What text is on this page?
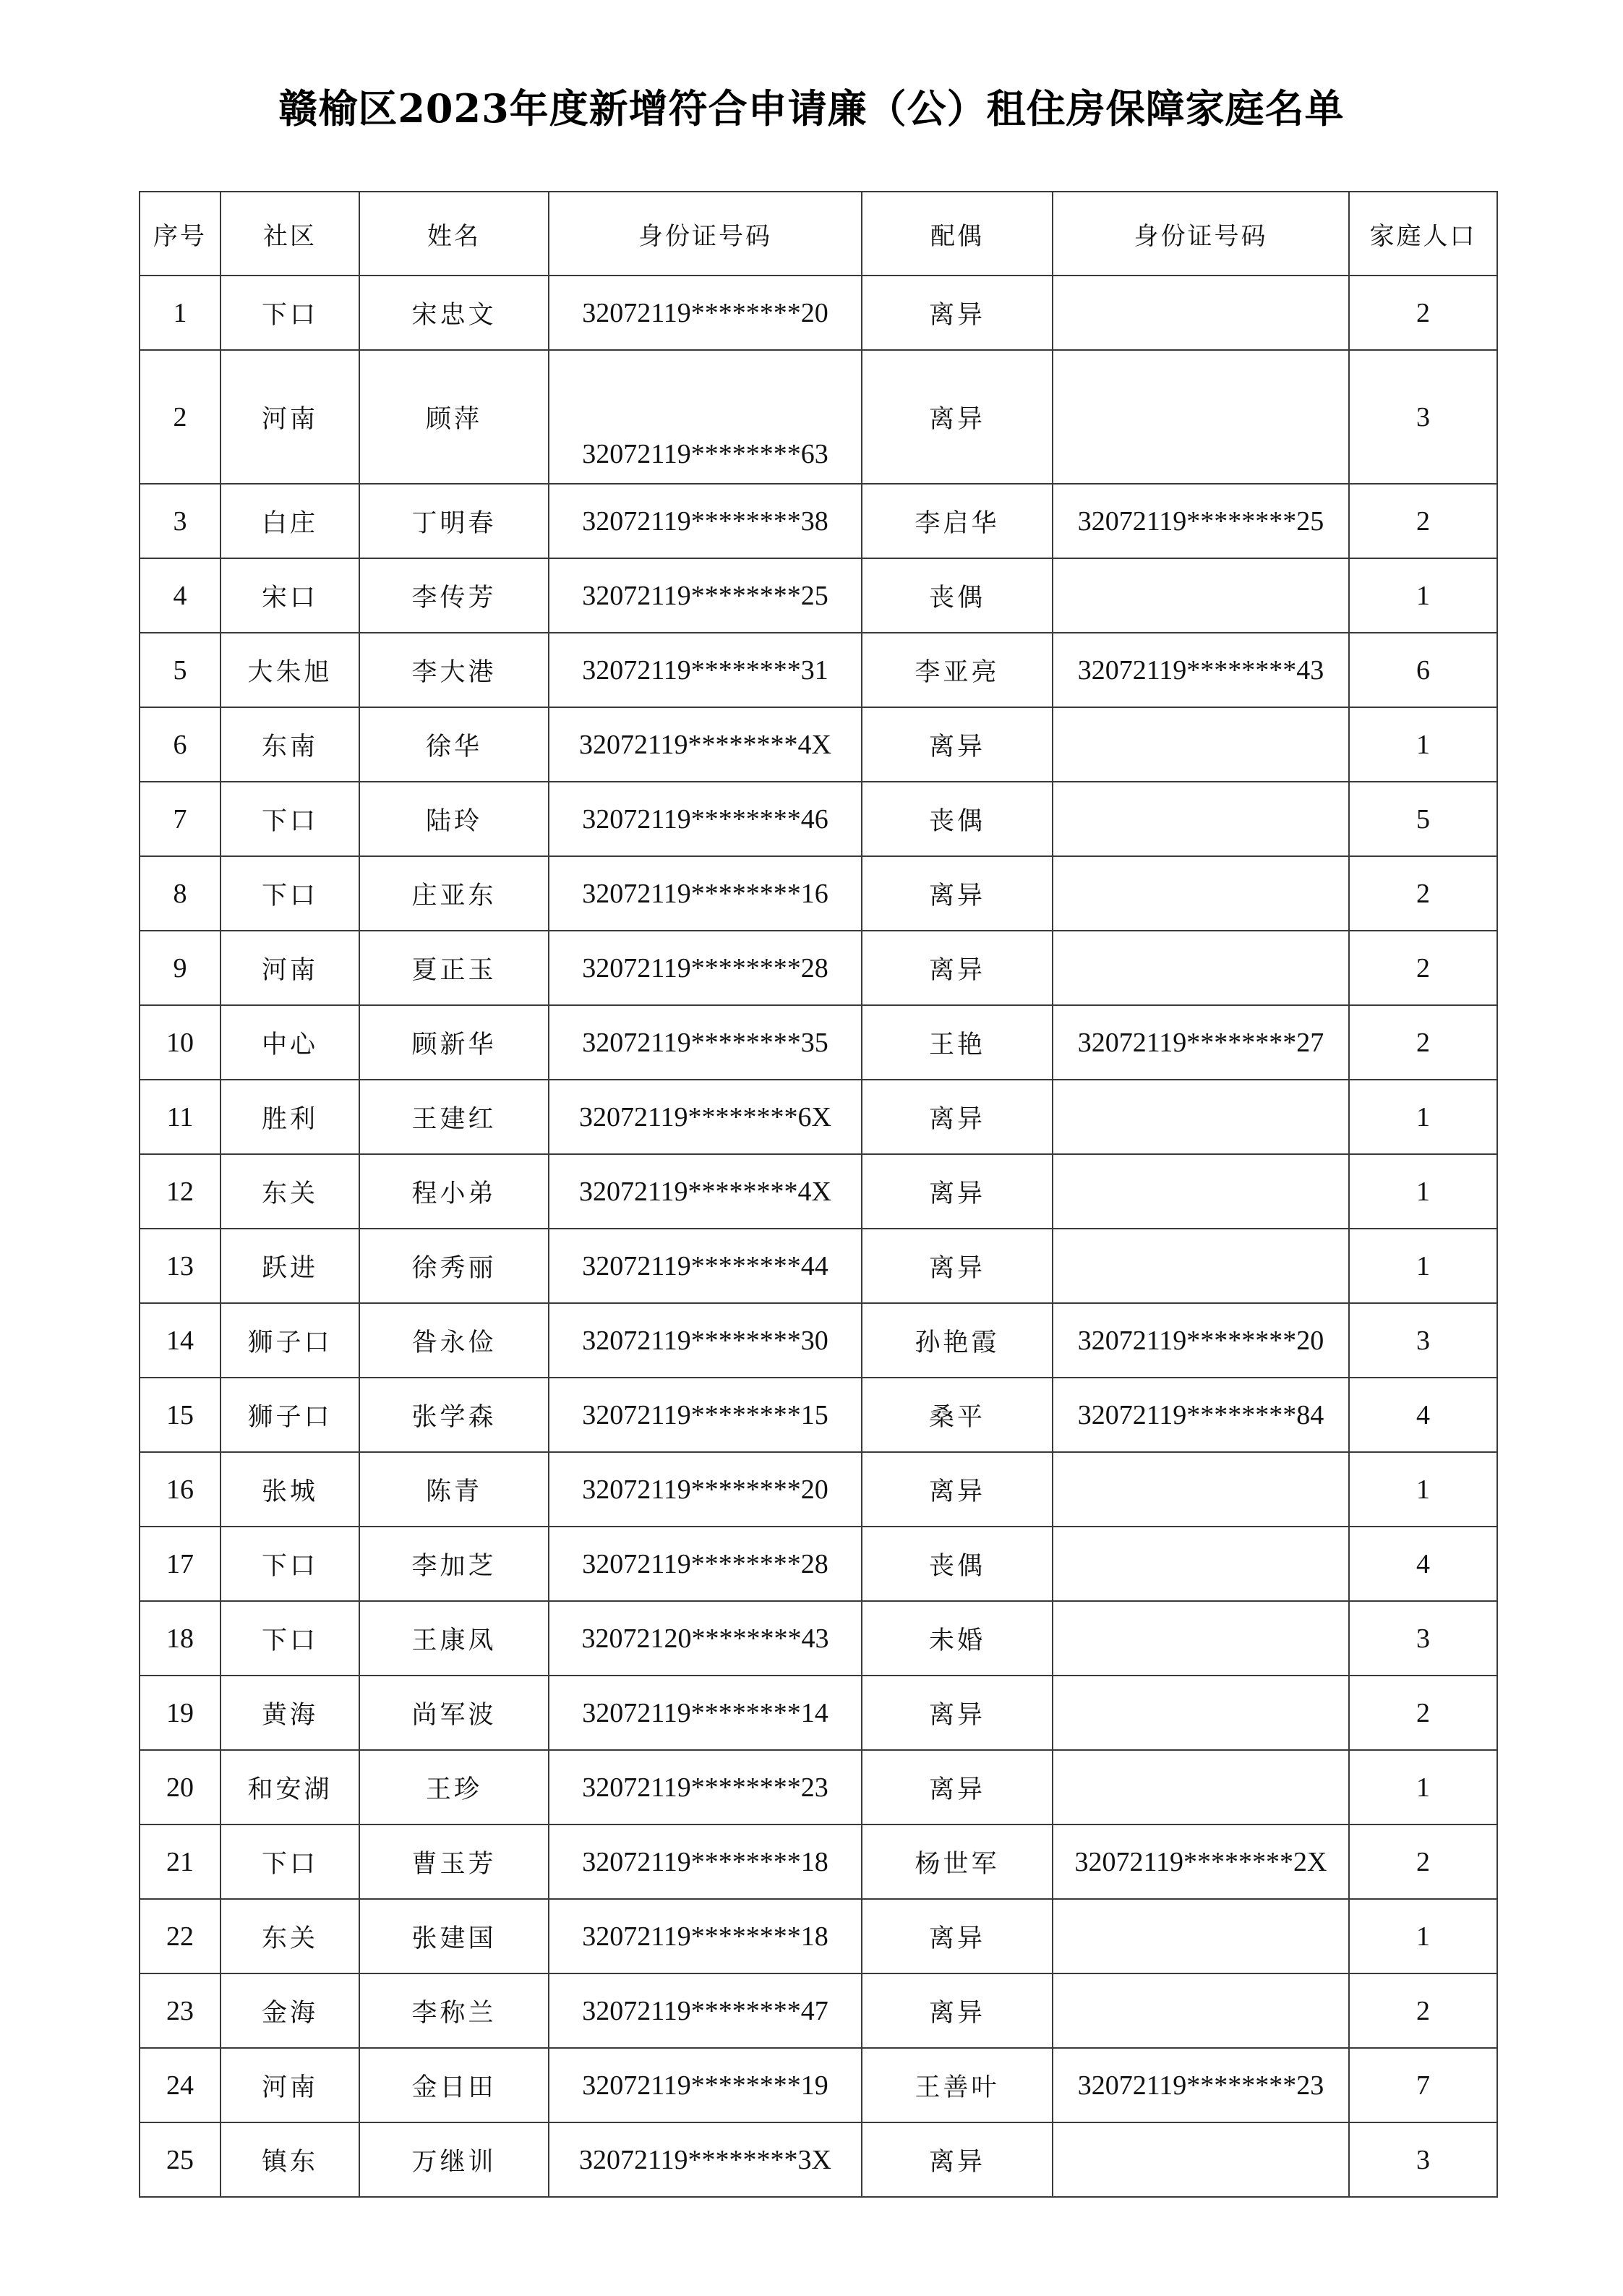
赣榆区2023年度新增符合申请廉（公）租住房保障家庭名单
序号	社区	姓名	身份证号码	配偶	身份证号码	家庭人口
1	下口	宋忠文	32072119********20	离异		2
2	河南	顾萍	32072119********63	离异		3
3	白庄	丁明春	32072119********38	李启华	32072119********25	2
4	宋口	李传芳	32072119********25	丧偶		1
5	大朱旭	李大港	32072119********31	李亚亮	32072119********43	6
6	东南	徐华	32072119********4X	离异		1
7	下口	陆玲	32072119********46	丧偶		5
8	下口	庄亚东	32072119********16	离异		2
9	河南	夏正玉	32072119********28	离异		2
10	中心	顾新华	32072119********35	王艳	32072119********27	2
11	胜利	王建红	32072119********6X	离异		1
12	东关	程小弟	32072119********4X	离异		1
13	跃进	徐秀丽	32072119********44	离异		1
14	狮子口	昝永俭	32072119********30	孙艳霞	32072119********20	3
15	狮子口	张学森	32072119********15	桑平	32072119********84	4
16	张城	陈青	32072119********20	离异		1
17	下口	李加芝	32072119********28	丧偶		4
18	下口	王康凤	32072120********43	未婚		3
19	黄海	尚军波	32072119********14	离异		2
20	和安湖	王珍	32072119********23	离异		1
21	下口	曹玉芳	32072119********18	杨世军	32072119********2X	2
22	东关	张建国	32072119********18	离异		1
23	金海	李称兰	32072119********47	离异		2
24	河南	金日田	32072119********19	王善叶	32072119********23	7
25	镇东	万继训	32072119********3X	离异		3
